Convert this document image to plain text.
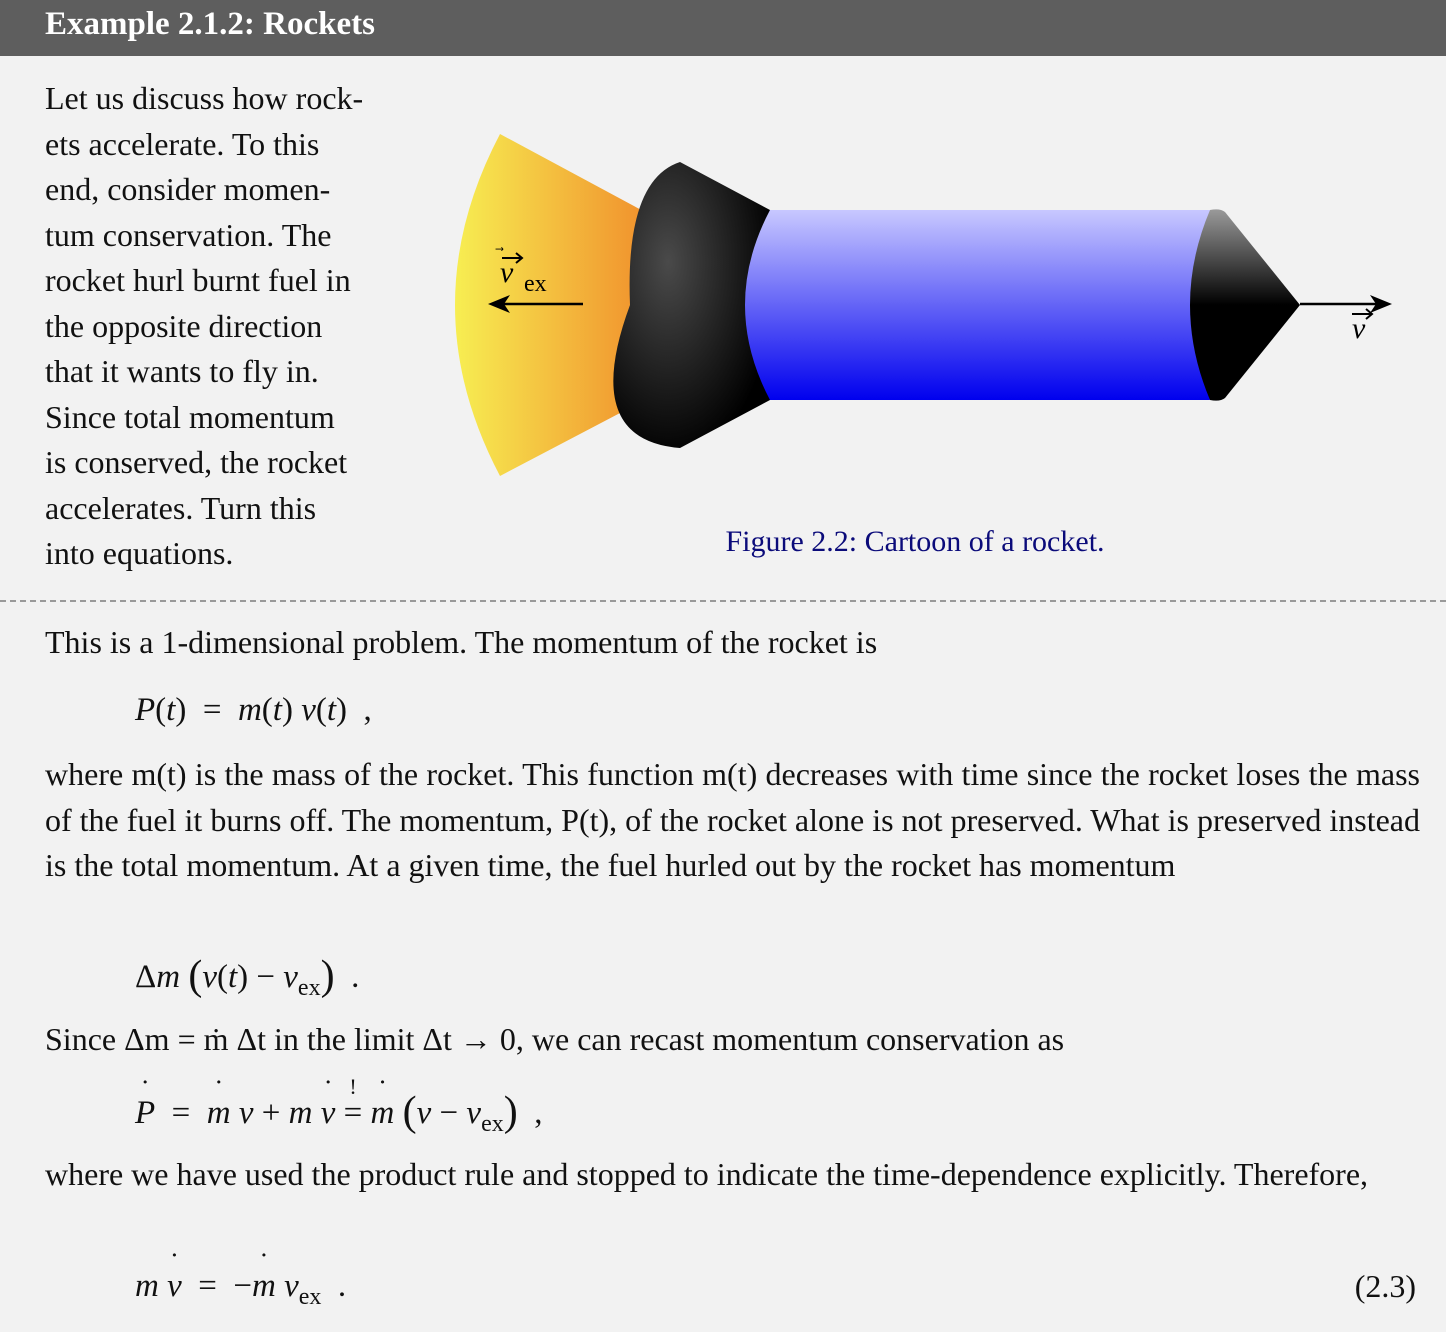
Example 2.1.2: Rockets
Let us discuss how rock-
ets accelerate. To this
end, consider momen-
tum conservation. The
rocket hurl burnt fuel in
the opposite direction
that it wants to fly in.
Since total momentum
is conserved, the rocket
accelerates. Turn this
into equations.
v ex
v
Figure 2.2: Cartoon of a rocket.
This is a 1-dimensional problem. The momentum of the rocket is
P(t)  =  m(t) v(t)  ,
where m(t) is the mass of the rocket. This function m(t) decreases with time since the rocket loses the mass of the fuel it burns off. The momentum, P(t), of the rocket alone is not preserved. What is preserved instead is the total momentum. At a given time, the fuel hurled out by the rocket has momentum
Δm $(v(t) - v_{ex})$  .
Since Δm = ṁ Δt in the limit Δt → 0, we can recast momentum conservation as
P ˙  =  m ˙ v + m v ˙ ! = m ˙ $(v - v_{ex})$  ,
where we have used the product rule and stopped to indicate the time-dependence explicitly. Therefore,
m v ˙  =  −m ˙ $v_{ex}$  .	(2.3)
